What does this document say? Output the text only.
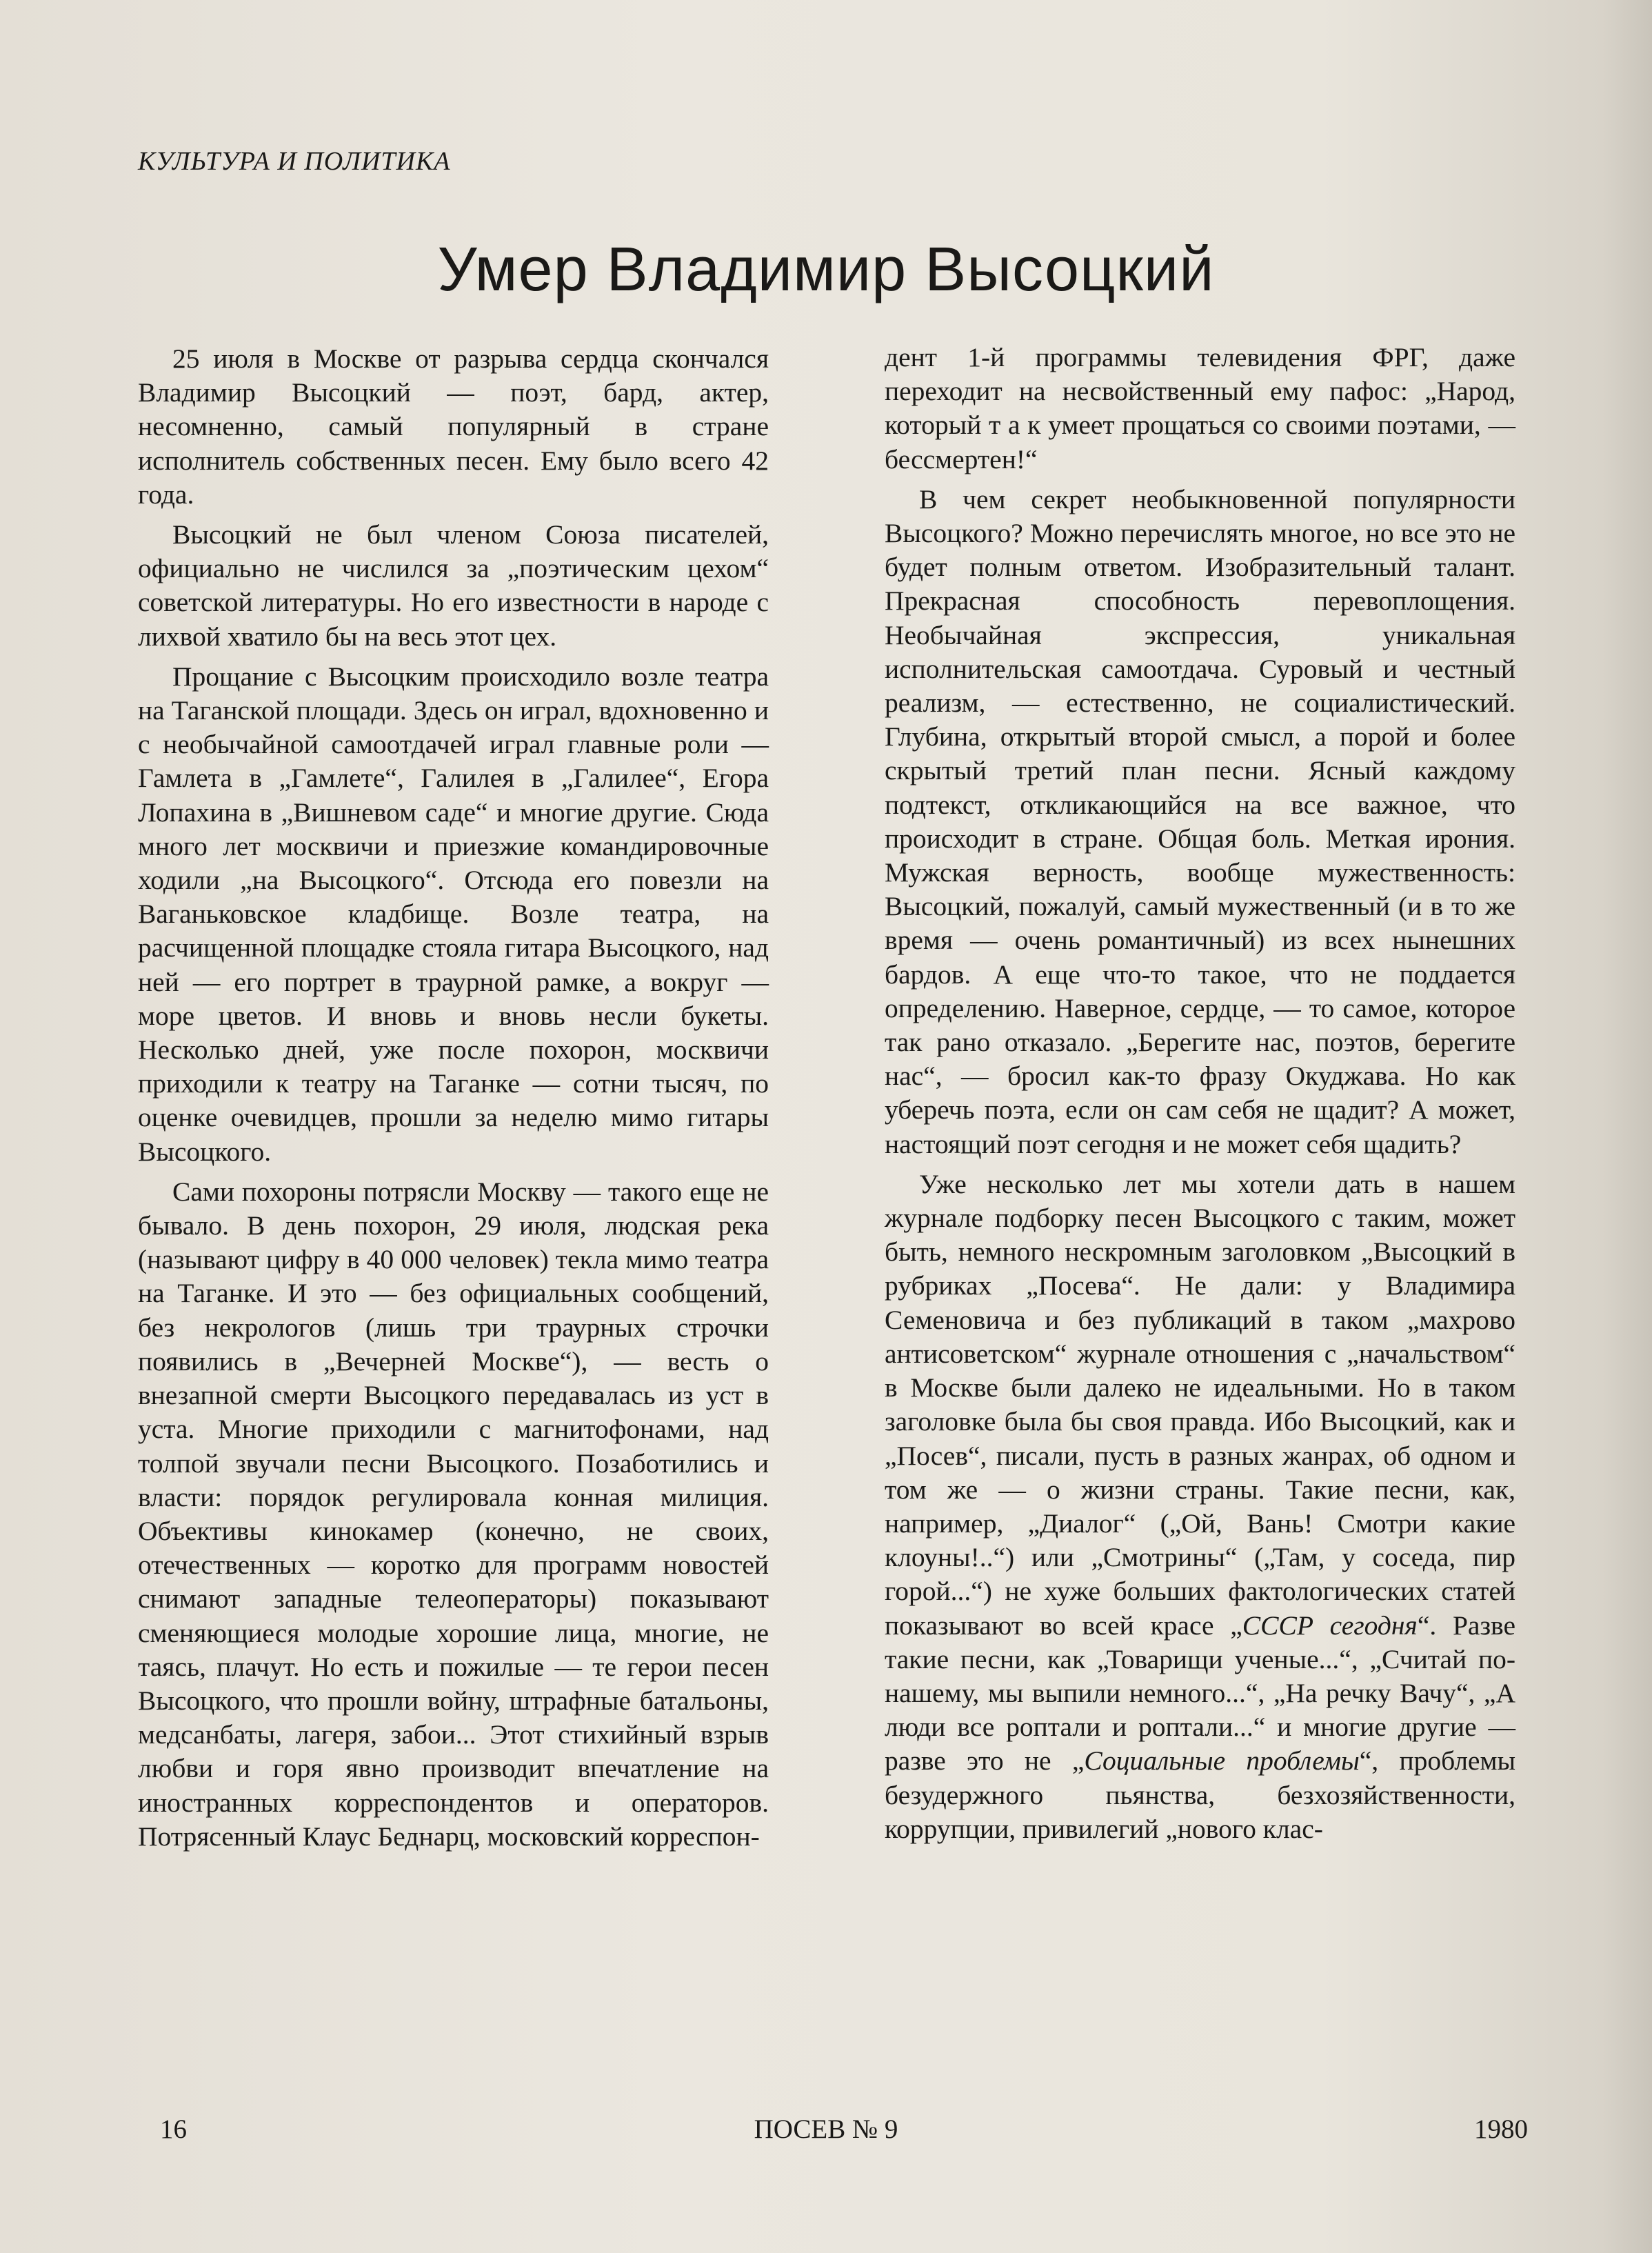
КУЛЬТУРА И ПОЛИТИКА
Умер Владимир Высоцкий

25 июля в Москве от разрыва сердца скончался Владимир Высоцкий — поэт, бард, актер, несомненно, самый популярный в стране исполнитель собственных песен. Ему было всего 42 года.

Высоцкий не был членом Союза писателей, официально не числился за „поэтическим цехом“ советской литературы. Но его известности в народе с лихвой хватило бы на весь этот цех.

Прощание с Высоцким происходило возле театра на Таганской площади. Здесь он играл, вдохновенно и с необычайной самоотдачей играл главные роли — Гамлета в „Гамлете“, Галилея в „Галилее“, Егора Лопахина в „Вишневом саде“ и многие другие. Сюда много лет москвичи и приезжие командировочные ходили „на Высоцкого“. Отсюда его повезли на Ваганьковское кладбище. Возле театра, на расчищенной площадке стояла гитара Высоцкого, над ней — его портрет в траурной рамке, а вокруг — море цветов. И вновь и вновь несли букеты. Несколько дней, уже после похорон, москвичи приходили к театру на Таганке — сотни тысяч, по оценке очевидцев, прошли за неделю мимо гитары Высоцкого.

Сами похороны потрясли Москву — такого еще не бывало. В день похорон, 29 июля, людская река (называют цифру в 40 000 человек) текла мимо театра на Таганке. И это — без официальных сообщений, без некрологов (лишь три траурных строчки появились в „Вечерней Москве“), — весть о внезапной смерти Высоцкого передавалась из уст в уста. Многие приходили с магнитофонами, над толпой звучали песни Высоцкого. Позаботились и власти: порядок регулировала конная милиция. Объективы кинокамер (конечно, не своих, отечественных — коротко для программ новостей снимают западные телеоператоры) показывают сменяющиеся молодые хорошие лица, многие, не таясь, плачут. Но есть и пожилые — те герои песен Высоцкого, что прошли войну, штрафные батальоны, медсанбаты, лагеря, забои... Этот стихийный взрыв любви и горя явно производит впечатление на иностранных корреспондентов и операторов. Потрясенный Клаус Беднарц, московский корреспон-

дент 1-й программы телевидения ФРГ, даже переходит на несвойственный ему пафос: „Народ, который т а к умеет прощаться со своими поэтами, — бессмертен!“

В чем секрет необыкновенной популярности Высоцкого? Можно перечислять многое, но все это не будет полным ответом. Изобразительный талант. Прекрасная способность перевоплощения. Необычайная экспрессия, уникальная исполнительская самоотдача. Суровый и честный реализм, — естественно, не социалистический. Глубина, открытый второй смысл, а порой и более скрытый третий план песни. Ясный каждому подтекст, откликающийся на все важное, что происходит в стране. Общая боль. Меткая ирония. Мужская верность, вообще мужественность: Высоцкий, пожалуй, самый мужественный (и в то же время — очень романтичный) из всех нынешних бардов. А еще что-то такое, что не поддается определению. Наверное, сердце, — то самое, которое так рано отказало. „Берегите нас, поэтов, берегите нас“, — бросил как-то фразу Окуджава. Но как уберечь поэта, если он сам себя не щадит? А может, настоящий поэт сегодня и не может себя щадить?

Уже несколько лет мы хотели дать в нашем журнале подборку песен Высоцкого с таким, может быть, немного нескромным заголовком „Высоцкий в рубриках „Посева“. Не дали: у Владимира Семеновича и без публикаций в таком „махрово антисоветском“ журнале отношения с „начальством“ в Москве были далеко не идеальными. Но в таком заголовке была бы своя правда. Ибо Высоцкий, как и „Посев“, писали, пусть в разных жанрах, об одном и том же — о жизни страны. Такие песни, как, например, „Диалог“ („Ой, Вань! Смотри какие клоуны!..“) или „Смотрины“ („Там, у соседа, пир горой...“) не хуже больших фактологических статей показывают во всей красе „СССР сегодня“. Разве такие песни, как „Товарищи ученые...“, „Считай по-нашему, мы выпили немного...“, „На речку Вачу“, „А люди все роптали и роптали...“ и многие другие — разве это не „Социальные проблемы“, проблемы безудержного пьянства, безхозяйственности, коррупции, привилегий „нового клас-

16	ПОСЕВ № 9	1980
